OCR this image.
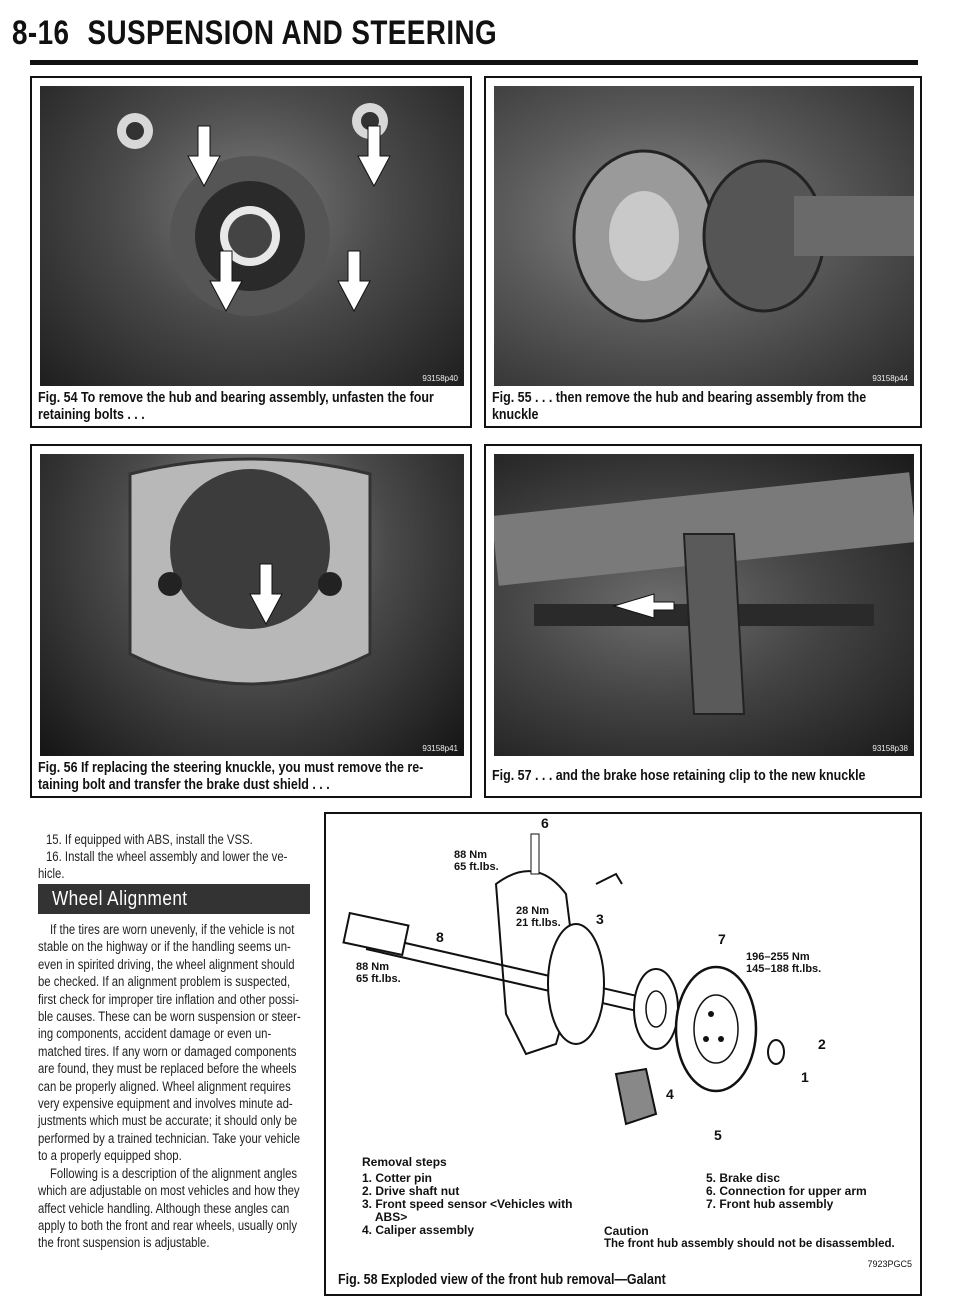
8-16 SUSPENSION AND STEERING
93158p40
Fig. 54 To remove the hub and bearing assembly, unfasten the four
retaining bolts . . .
93158p44
Fig. 55 . . . then remove the hub and bearing assembly from the
knuckle
93158p41
Fig. 56 If replacing the steering knuckle, you must remove the re-
taining bolt and transfer the brake dust shield . . .
93158p38
Fig. 57 . . . and the brake hose retaining clip to the new knuckle
15. If equipped with ABS, install the VSS.
16. Install the wheel assembly and lower the ve-
hicle.
Wheel Alignment
If the tires are worn unevenly, if the vehicle is not
stable on the highway or if the handling seems un-
even in spirited driving, the wheel alignment should
be checked. If an alignment problem is suspected,
first check for improper tire inflation and other possi-
ble causes. These can be worn suspension or steer-
ing components, accident damage or even un-
matched tires. If any worn or damaged components
are found, they must be replaced before the wheels
can be properly aligned. Wheel alignment requires
very expensive equipment and involves minute ad-
justments which must be accurate; it should only be
performed by a trained technician. Take your vehicle
to a properly equipped shop.
Following is a description of the alignment angles
which are adjustable on most vehicles and how they
affect vehicle handling. Although these angles can
apply to both the front and rear wheels, usually only
the front suspension is adjustable.
6
3
7
8
2
1
4
5
88 Nm
65 ft.lbs.
28 Nm
21 ft.lbs.
88 Nm
65 ft.lbs.
196–255 Nm
145–188 ft.lbs.
Removal steps
1. Cotter pin
2. Drive shaft nut
3. Front speed sensor <Vehicles with
ABS>
4. Caliper assembly
5. Brake disc
6. Connection for upper arm
7. Front hub assembly
Caution
The front hub assembly should not be disassembled.
7923PGC5
Fig. 58 Exploded view of the front hub removal—Galant
